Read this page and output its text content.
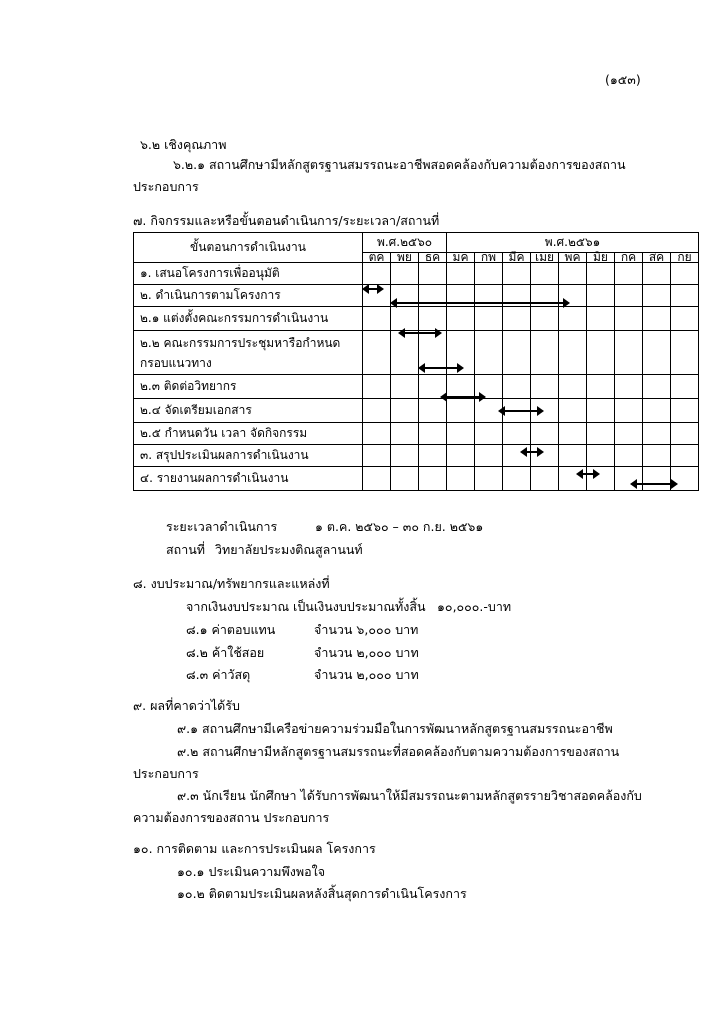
(๑๕๓)
๖.๒ เชิงคุณภาพ
๖.๒.๑ สถานศึกษามีหลักสูตรฐานสมรรถนะอาชีพสอดคล้องกับความต้องการของสถาน
ประกอบการ
๗. กิจกรรมและหรือขั้นตอนดำเนินการ/ระยะเวลา/สถานที่
ขั้นตอนการดำเนินงาน	พ.ศ.๒๕๖๐			พ.ศ.๒๕๖๑								
	ตค	พย	ธค	มค	กพ	มีค	เมย	พค	มิย	กค	สค	กย
๑. เสนอโครงการเพื่ออนุมัติ												
๒. ดำเนินการตามโครงการ												
๒.๑ แต่งตั้งคณะกรรมการดำเนินงาน												
๒.๒ คณะกรรมการประชุมหารือกำหนด
กรอบแนวทาง												
๒.๓ ติดต่อวิทยากร												
๒.๔ จัดเตรียมเอกสาร												
๒.๕ กำหนดวัน เวลา จัดกิจกรรม												
๓. สรุปประเมินผลการดำเนินงาน												
๔. รายงานผลการดำเนินงาน												
ระยะเวลาดำเนินการ	๑ ต.ค. ๒๕๖๐ – ๓๐ ก.ย. ๒๕๖๑
สถานที่ วิทยาลัยประมงติณสูลานนท์
๘. งบประมาณ/ทรัพยากรและแหล่งที่
จากเงินงบประมาณ เป็นเงินงบประมาณทั้งสิ้น ๑๐,๐๐๐.-บาท
๘.๑ ค่าตอบแทน	จำนวน ๖,๐๐๐ บาท
๘.๒ ค้าใช้สอย	จำนวน ๒,๐๐๐ บาท
๘.๓ ค่าวัสดุ	จำนวน ๒,๐๐๐ บาท
๙. ผลที่คาดว่าได้รับ
๙.๑ สถานศึกษามีเครือข่ายความร่วมมือในการพัฒนาหลักสูตรฐานสมรรถนะอาชีพ
๙.๒ สถานศึกษามีหลักสูตรฐานสมรรถนะที่สอดคล้องกับตามความต้องการของสถาน
ประกอบการ
๙.๓ นักเรียน นักศึกษา ได้รับการพัฒนาให้มีสมรรถนะตามหลักสูตรรายวิชาสอดคล้องกับ
ความต้องการของสถาน ประกอบการ
๑๐. การติดตาม และการประเมินผล โครงการ
๑๐.๑ ประเมินความพึงพอใจ
๑๐.๒ ติดตามประเมินผลหลังสิ้นสุดการดำเนินโครงการ
